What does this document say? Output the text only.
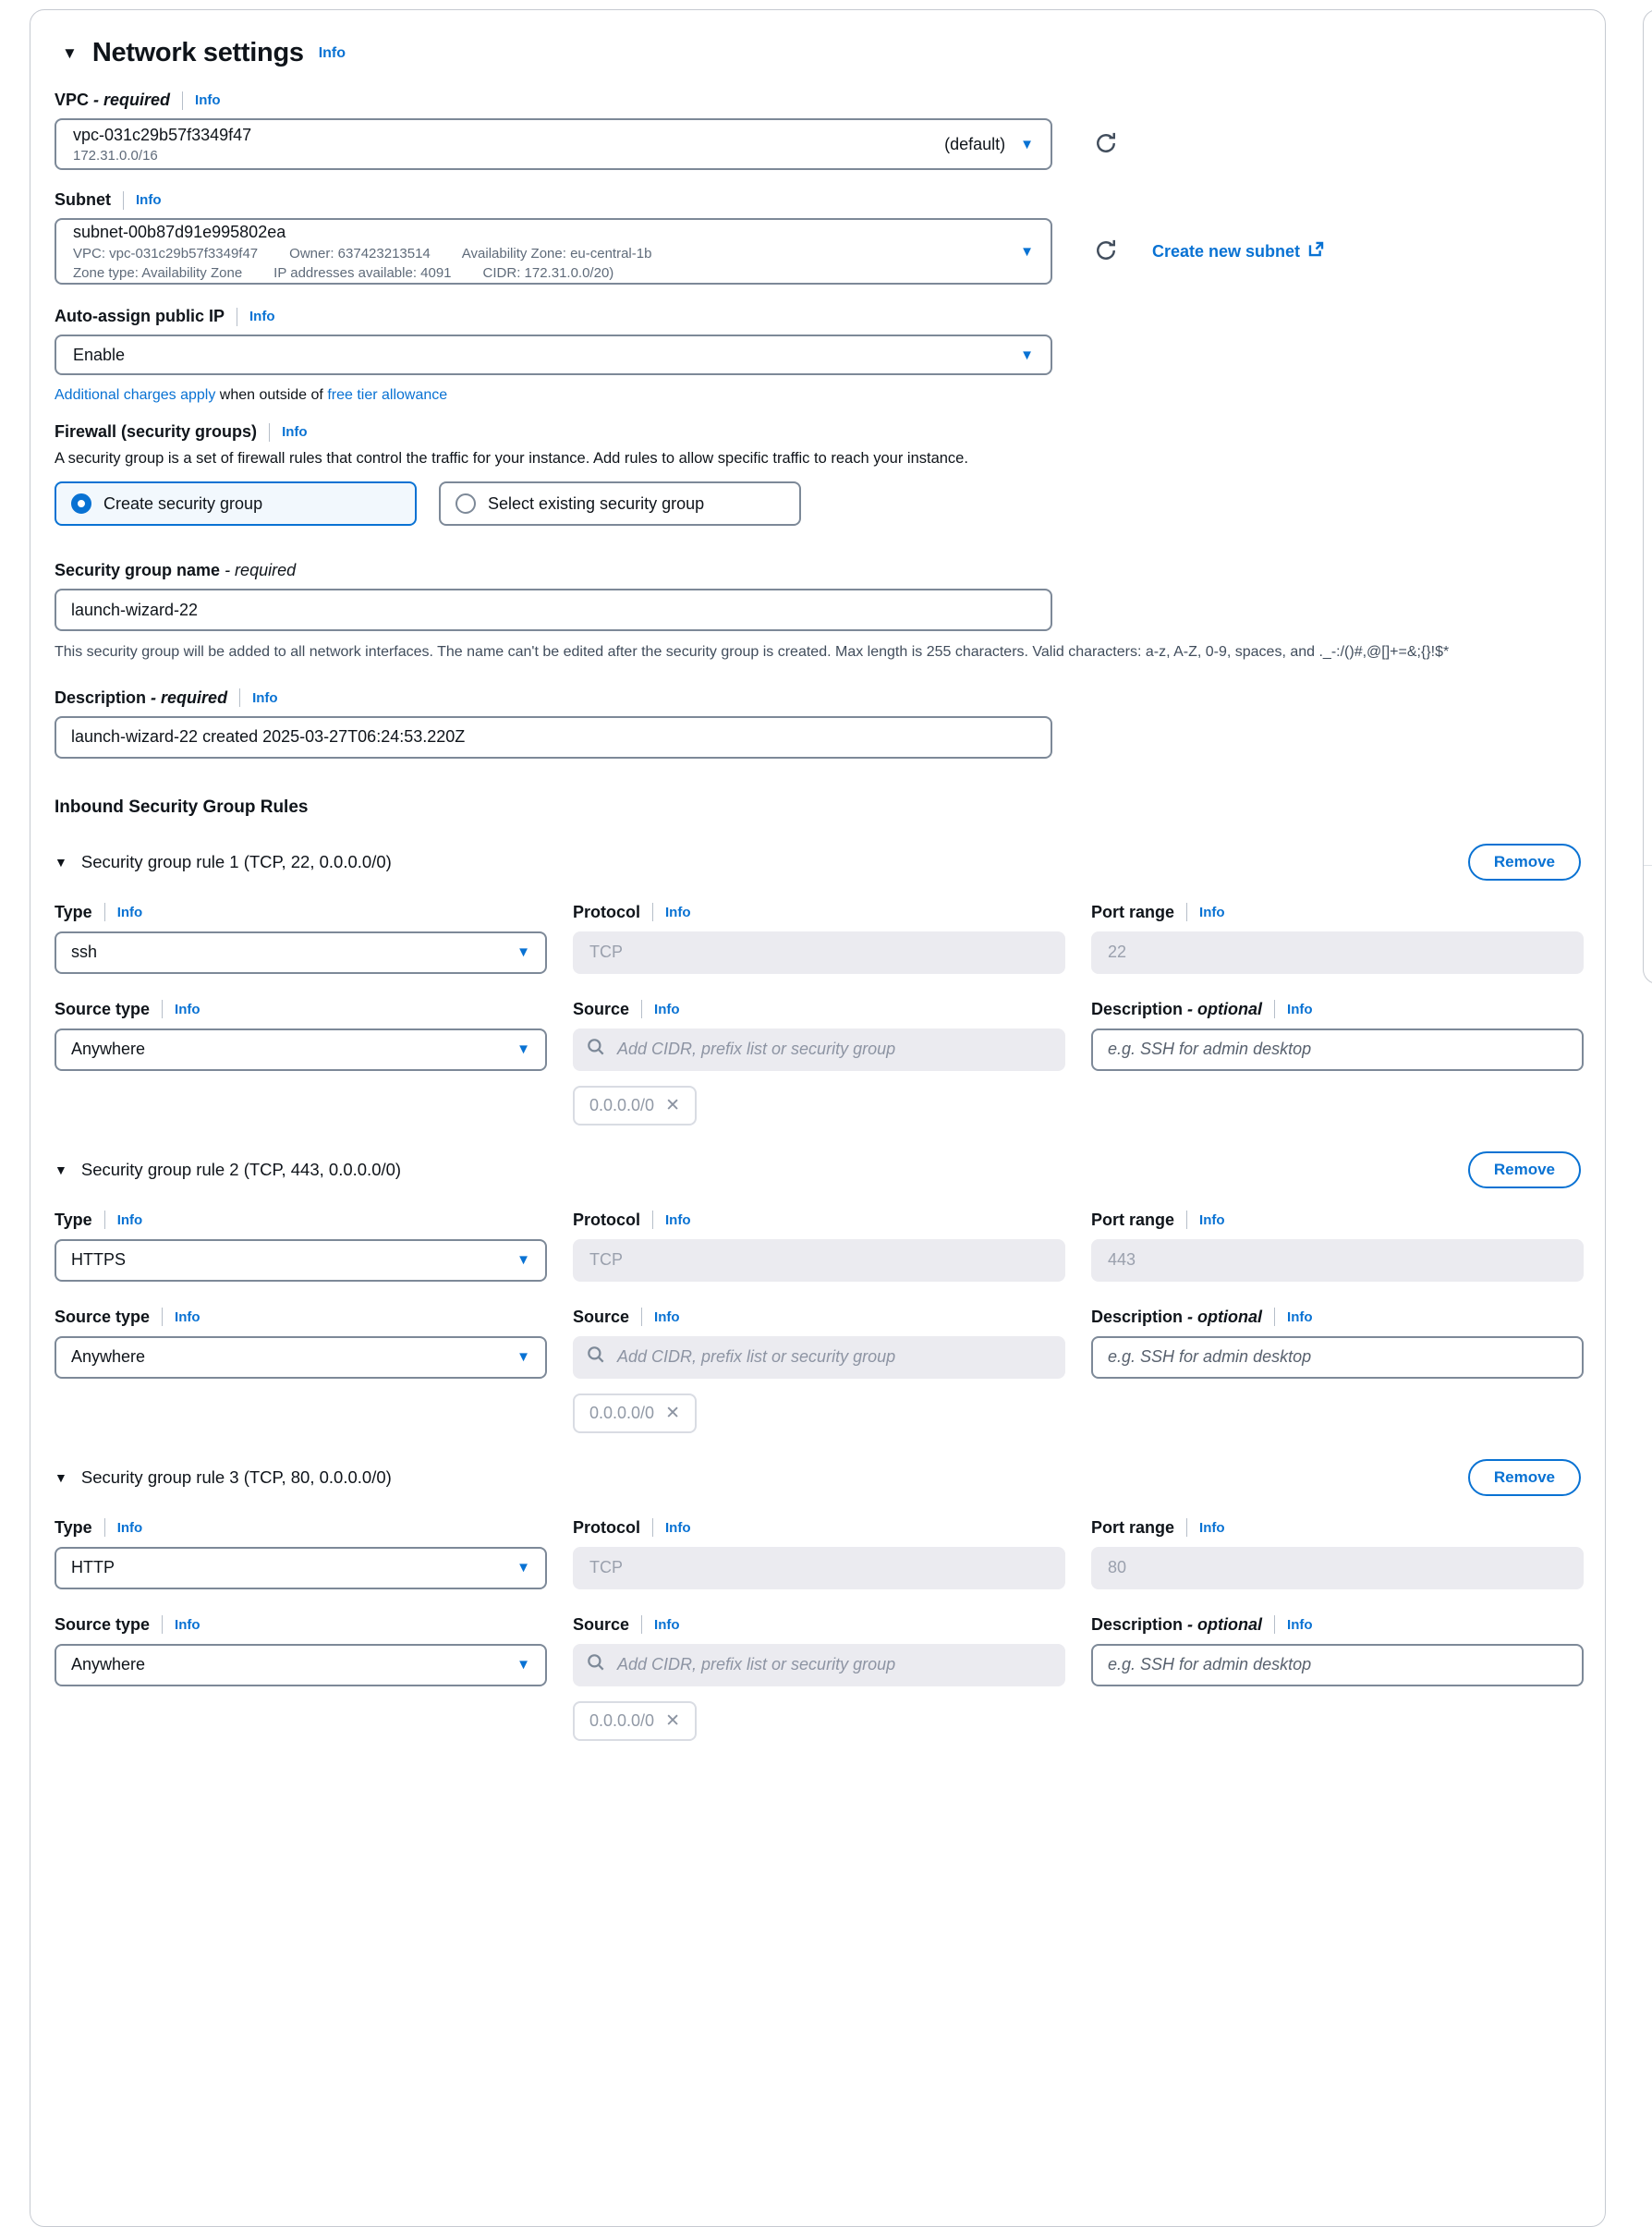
▼ Network settings Info
VPC - required Info
vpc-031c29b57f3349f47
172.31.0.0/16
(default) ▼
Subnet Info
subnet-00b87d91e995802ea
VPC: vpc-031c29b57f3349f47 Owner: 637423213514 Availability Zone: eu-central-1b
Zone type: Availability Zone IP addresses available: 4091 CIDR: 172.31.0.0/20)
▼	Create new subnet
Auto-assign public IP Info
Enable	▼
Additional charges apply when outside of free tier allowance
Firewall (security groups) Info
A security group is a set of firewall rules that control the traffic for your instance. Add rules to allow specific traffic to reach your instance.
Create security group	Select existing security group
Security group name - required
launch-wizard-22
This security group will be added to all network interfaces. The name can't be edited after the security group is created. Max length is 255 characters. Valid characters: a-z, A-Z, 0-9, spaces, and ._-:/()#,@[]+=&;{}!$*
Description - required Info
launch-wizard-22 created 2025-03-27T06:24:53.220Z
Inbound Security Group Rules
▼ Security group rule 1 (TCP, 22, 0.0.0.0/0)	Remove
Type Info
ssh	▼
Protocol Info
TCP
Port range Info
22
Source type Info
Anywhere	▼
Source Info
Add CIDR, prefix list or security group
0.0.0.0/0 ✕
Description - optional Info
e.g. SSH for admin desktop
▼ Security group rule 2 (TCP, 443, 0.0.0.0/0)	Remove
Type Info
HTTPS	▼
Protocol Info
TCP
Port range Info
443
Source type Info
Anywhere	▼
Source Info
Add CIDR, prefix list or security group
0.0.0.0/0 ✕
Description - optional Info
e.g. SSH for admin desktop
▼ Security group rule 3 (TCP, 80, 0.0.0.0/0)	Remove
Type Info
HTTP	▼
Protocol Info
TCP
Port range Info
80
Source type Info
Anywhere	▼
Source Info
Add CIDR, prefix list or security group
0.0.0.0/0 ✕
Description - optional Info
e.g. SSH for admin desktop
